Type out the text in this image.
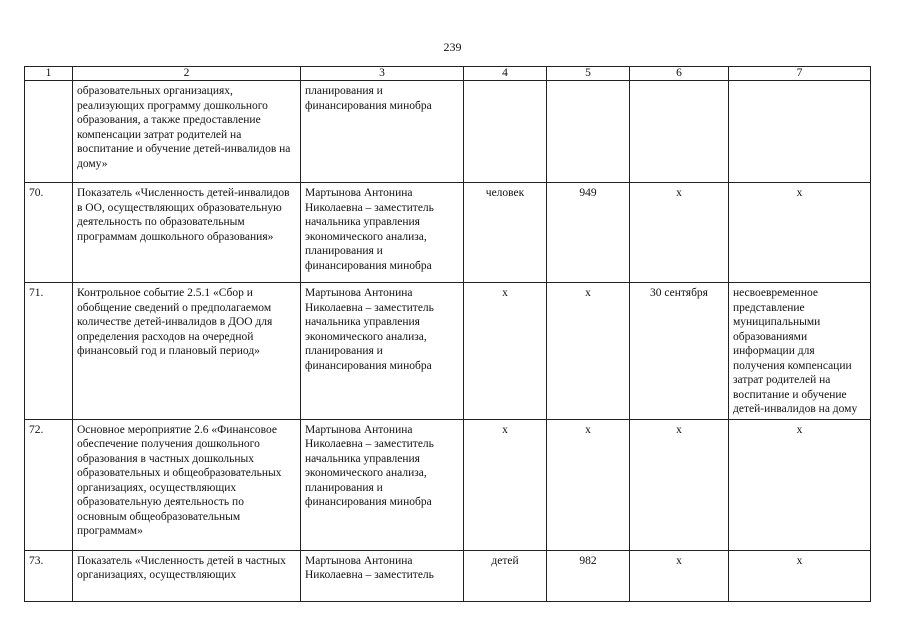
239
1	2	3	4	5	6	7
	образовательных организациях, реализующих программу дошкольного образования, а также предоставление компенсации затрат родителей на воспитание и обучение детей-инвалидов на дому»	планирования и финансирования минобра				
70.	Показатель «Численность детей-инвалидов в ОО, осуществляющих образовательную деятельность по образовательным программам дошкольного образования»	Мартынова Антонина Николаевна – заместитель начальника управления экономического анализа, планирования и финансирования минобра	человек	949	х	х
71.	Контрольное событие 2.5.1 «Сбор и обобщение сведений о предполагаемом количестве детей-инвалидов в ДОО для определения расходов на очередной финансовый год и плановый период»	Мартынова Антонина Николаевна – заместитель начальника управления экономического анализа, планирования и финансирования минобра	х	х	30 сентября	несвоевременное представление муниципальными образованиями информации для получения компенсации затрат родителей на воспитание и обучение детей-инвалидов на дому
72.	Основное мероприятие 2.6 «Финансовое обеспечение получения дошкольного образования в частных дошкольных образовательных и общеобразовательных организациях, осуществляющих образовательную деятельность по основным общеобразовательным программам»	Мартынова Антонина Николаевна – заместитель начальника управления экономического анализа, планирования и финансирования минобра	х	х	х	х
73.	Показатель «Численность детей в частных организациях, осуществляющих	Мартынова Антонина Николаевна – заместитель	детей	982	х	х
